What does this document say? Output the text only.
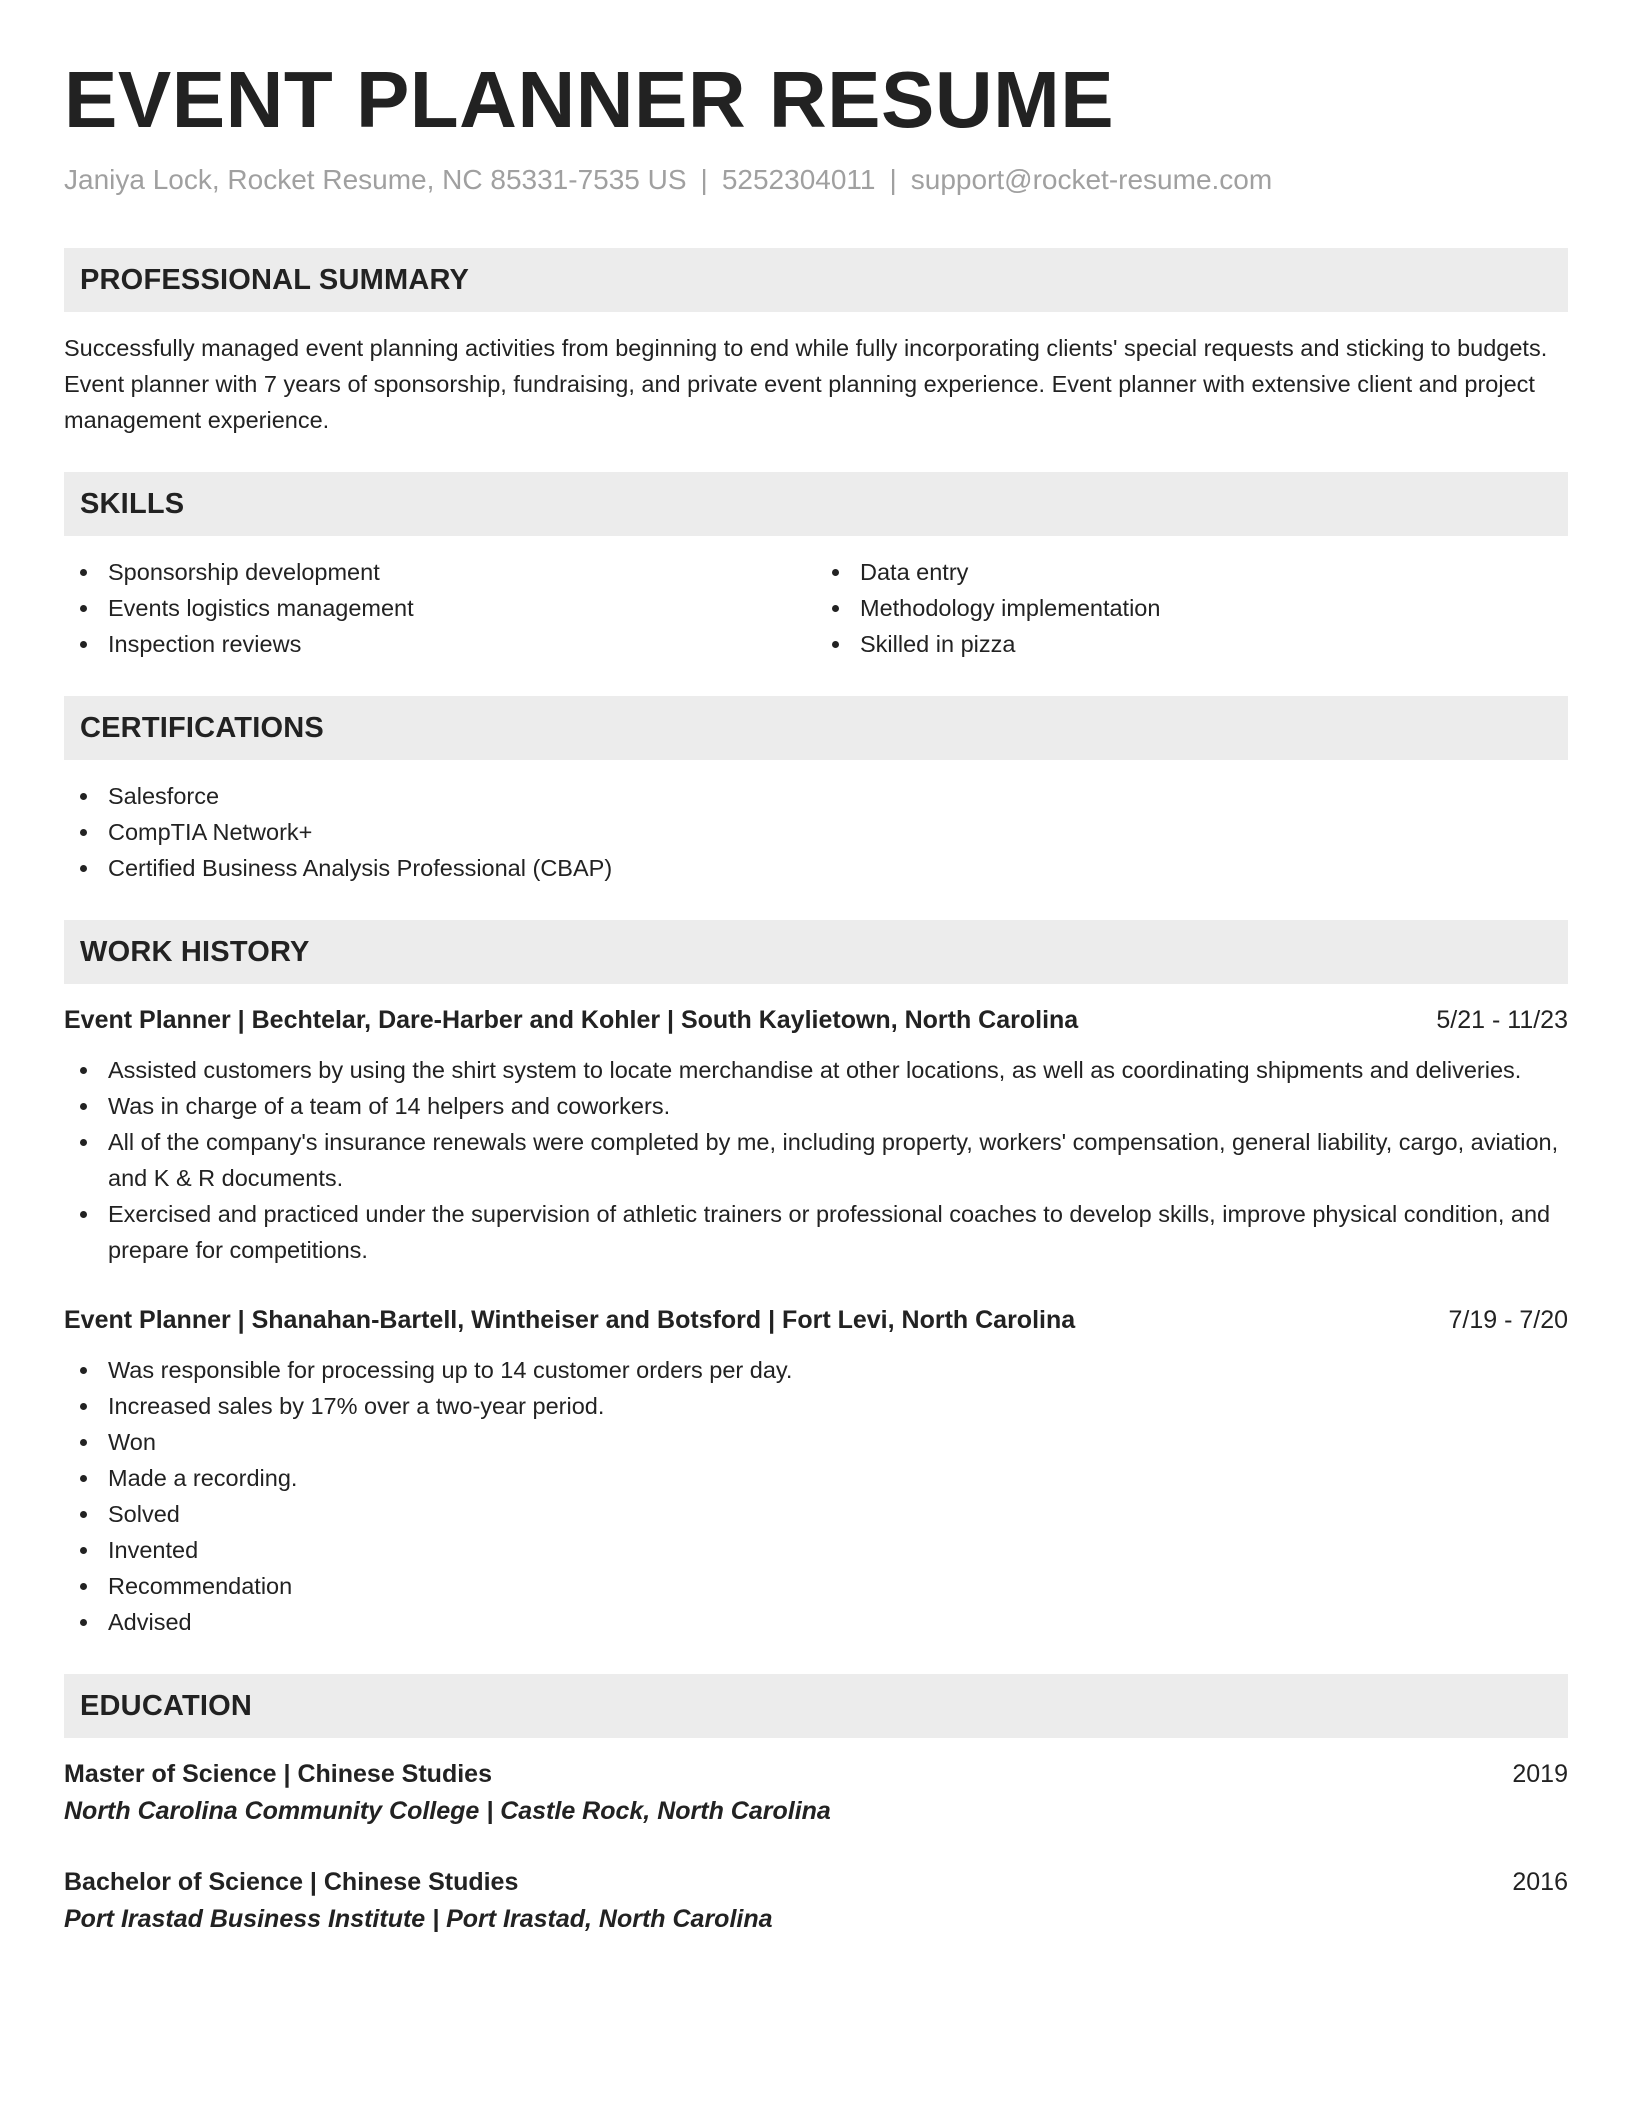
EVENT PLANNER RESUME
Janiya Lock, Rocket Resume, NC 85331-7535 US | 5252304011 | support@rocket-resume.com
PROFESSIONAL SUMMARY
Successfully managed event planning activities from beginning to end while fully incorporating clients' special requests and sticking to budgets. Event planner with 7 years of sponsorship, fundraising, and private event planning experience. Event planner with extensive client and project management experience.
SKILLS
Sponsorship development
Events logistics management
Inspection reviews
Data entry
Methodology implementation
Skilled in pizza
CERTIFICATIONS
Salesforce
CompTIA Network+
Certified Business Analysis Professional (CBAP)
WORK HISTORY
Event Planner | Bechtelar, Dare-Harber and Kohler | South Kaylietown, North Carolina	5/21 - 11/23
Assisted customers by using the shirt system to locate merchandise at other locations, as well as coordinating shipments and deliveries.
Was in charge of a team of 14 helpers and coworkers.
All of the company's insurance renewals were completed by me, including property, workers' compensation, general liability, cargo, aviation, and K & R documents.
Exercised and practiced under the supervision of athletic trainers or professional coaches to develop skills, improve physical condition, and prepare for competitions.
Event Planner | Shanahan-Bartell, Wintheiser and Botsford | Fort Levi, North Carolina	7/19 - 7/20
Was responsible for processing up to 14 customer orders per day.
Increased sales by 17% over a two-year period.
Won
Made a recording.
Solved
Invented
Recommendation
Advised
EDUCATION
Master of Science | Chinese Studies	2019
North Carolina Community College | Castle Rock, North Carolina
Bachelor of Science | Chinese Studies	2016
Port Irastad Business Institute | Port Irastad, North Carolina
